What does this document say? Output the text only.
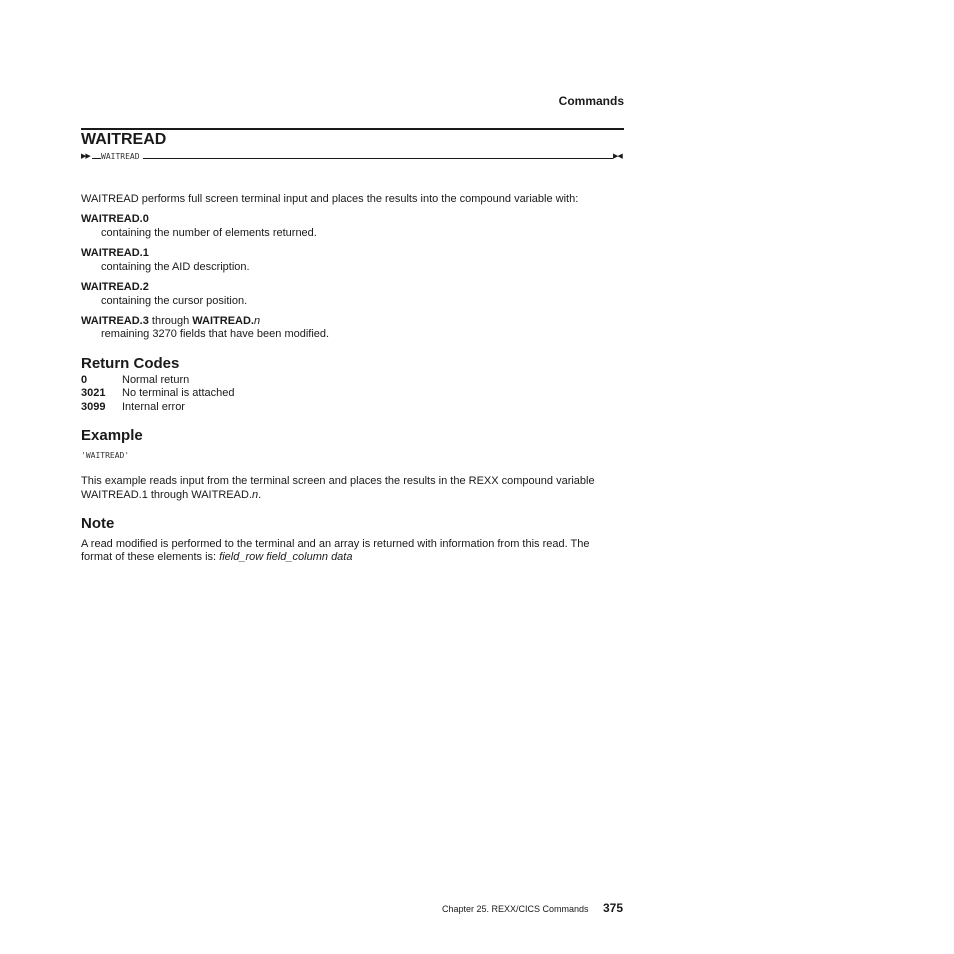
Commands
WAITREAD
▶▶ WAITREAD	▶◀
WAITREAD performs full screen terminal input and places the results into the compound variable with:
WAITREAD.0
containing the number of elements returned.
WAITREAD.1
containing the AID description.
WAITREAD.2
containing the cursor position.
WAITREAD.3 through WAITREAD.n
remaining 3270 fields that have been modified.
Return Codes
0	Normal return
3021 No terminal is attached
3099 Internal error
Example
'WAITREAD'
This example reads input from the terminal screen and places the results in the REXX compound variable
WAITREAD.1 through WAITREAD.n.
Note
A read modified is performed to the terminal and an array is returned with information from this read. The
format of these elements is: field_row field_column data
Chapter 25. REXX/CICS Commands 375
